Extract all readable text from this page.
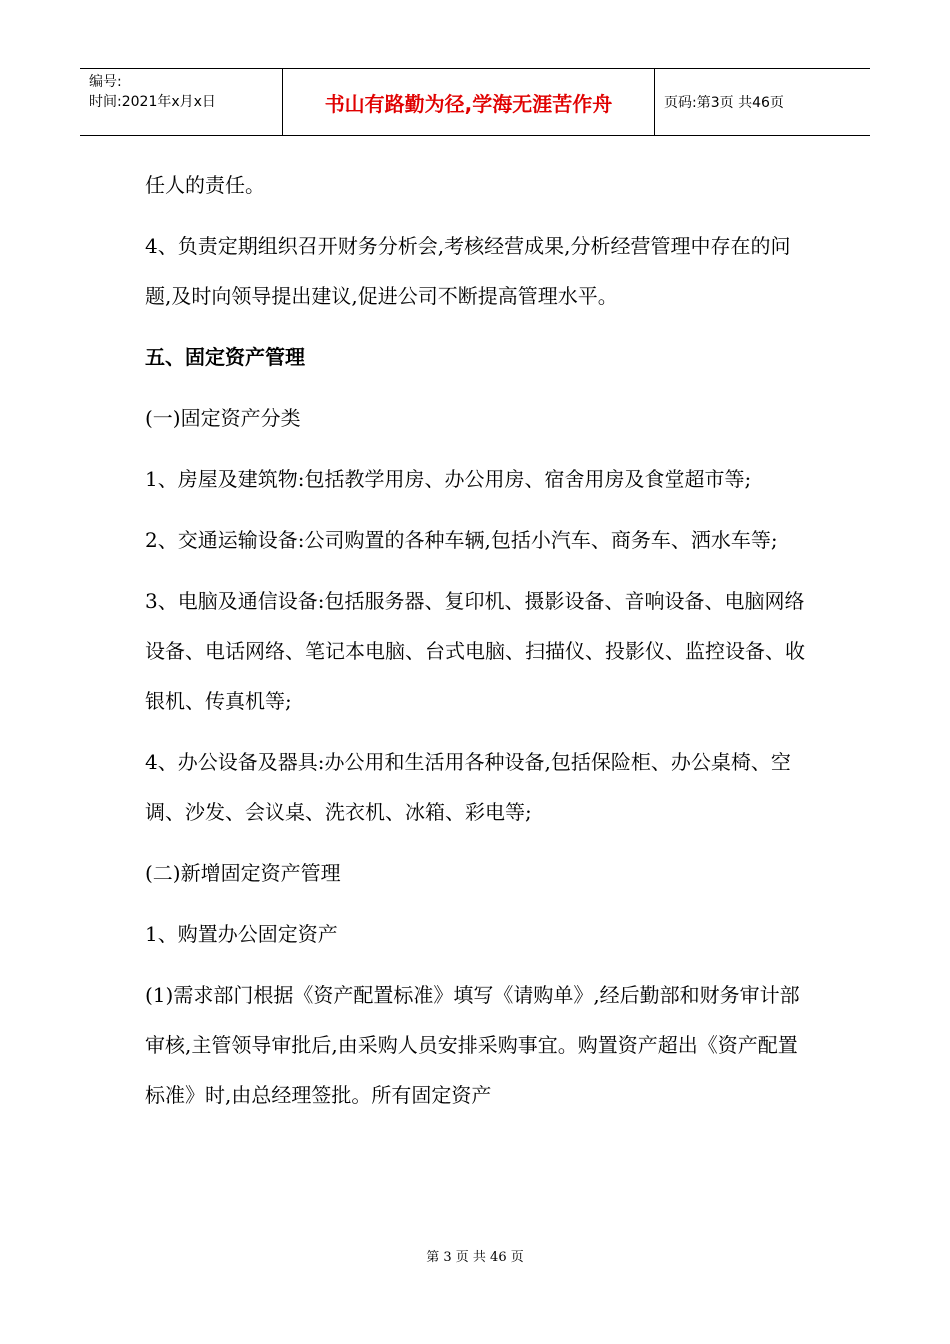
编号:
时间:2021年x月x日	书山有路勤为径,学海无涯苦作舟	页码:第3页 共46页

任人的责任。

4、负责定期组织召开财务分析会,考核经营成果,分析经营管理中存在的问题,及时向领导提出建议,促进公司不断提高管理水平。

五、固定资产管理

(一)固定资产分类

1、房屋及建筑物:包括教学用房、办公用房、宿舍用房及食堂超市等;

2、交通运输设备:公司购置的各种车辆,包括小汽车、商务车、洒水车等;

3、电脑及通信设备:包括服务器、复印机、摄影设备、音响设备、电脑网络设备、电话网络、笔记本电脑、台式电脑、扫描仪、投影仪、监控设备、收银机、传真机等;

4、办公设备及器具:办公用和生活用各种设备,包括保险柜、办公桌椅、空调、沙发、会议桌、洗衣机、冰箱、彩电等;

(二)新增固定资产管理

1、购置办公固定资产

(1)需求部门根据《资产配置标准》填写《请购单》,经后勤部和财务审计部审核,主管领导审批后,由采购人员安排采购事宜。购置资产超出《资产配置标准》时,由总经理签批。所有固定资产

第 3 页 共 46 页
